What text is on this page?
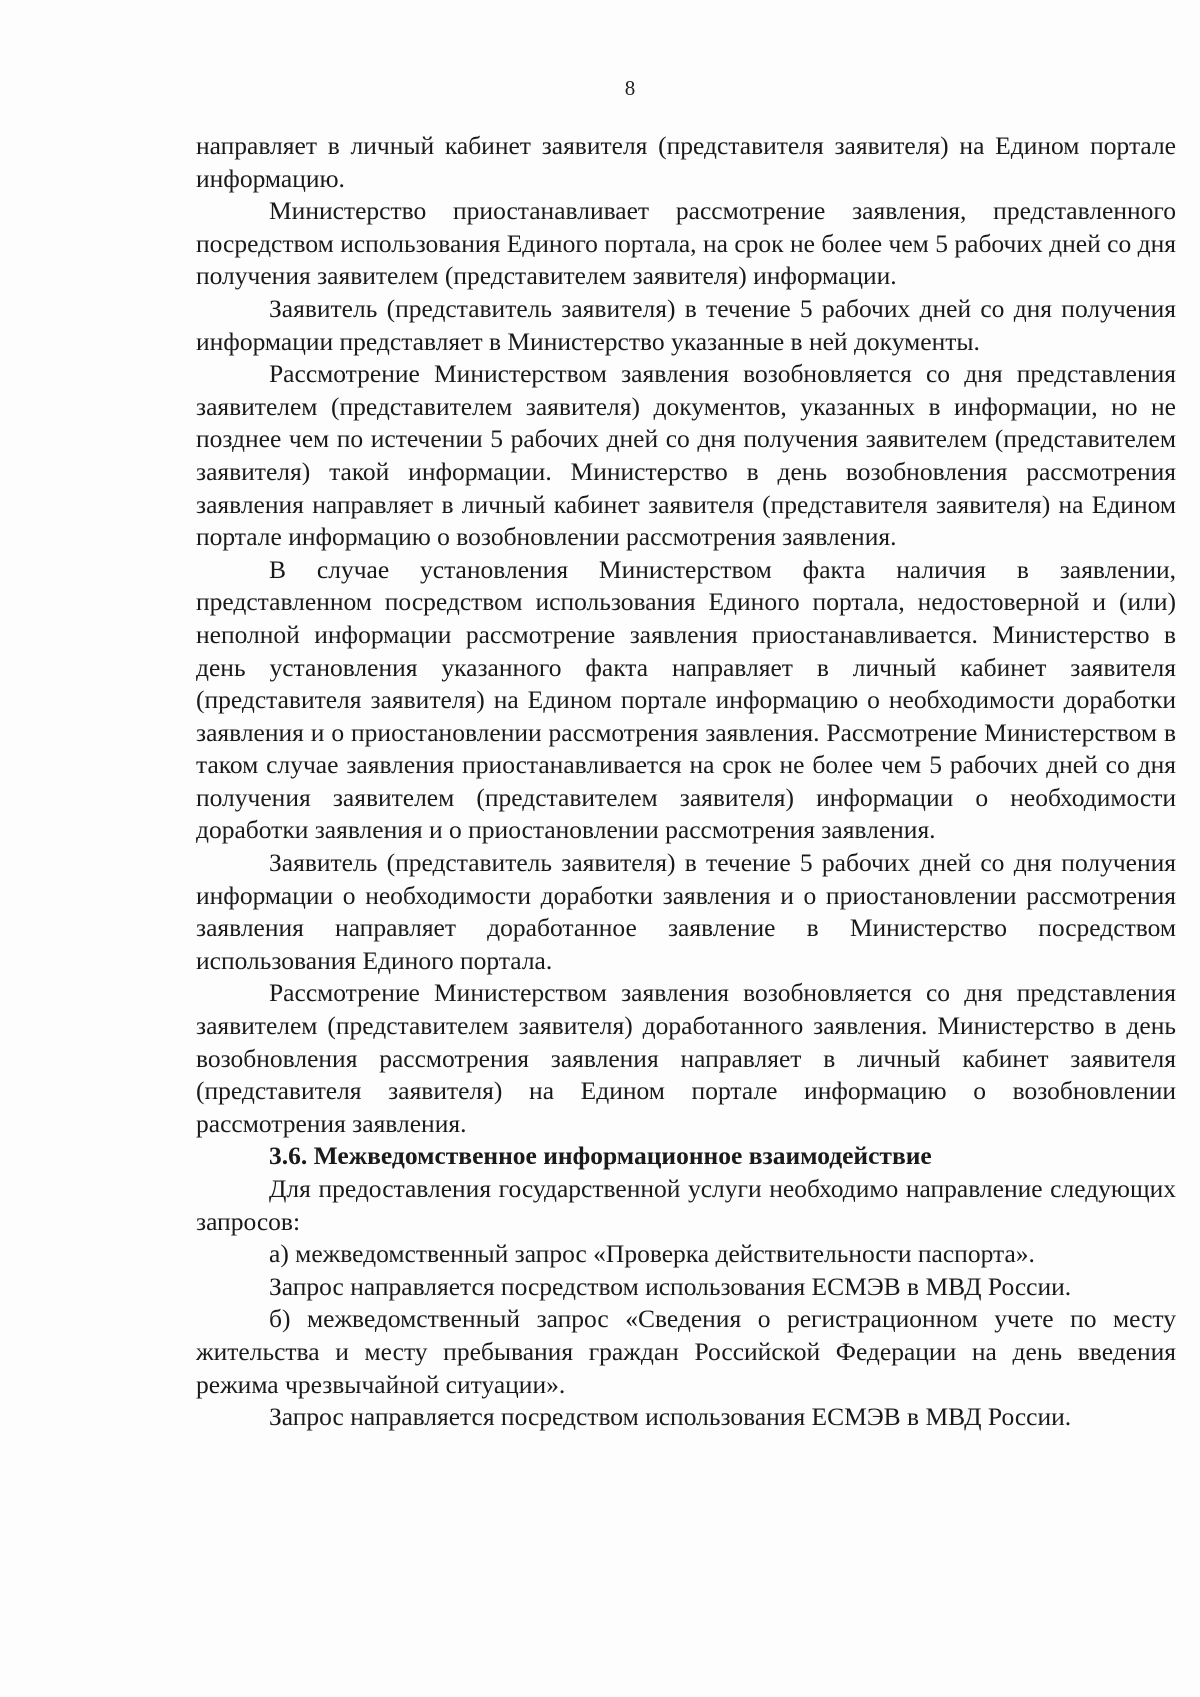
8

направляет в личный кабинет заявителя (представителя заявителя) на Едином портале информацию.

Министерство приостанавливает рассмотрение заявления, представленного посредством использования Единого портала, на срок не более чем 5 рабочих дней со дня получения заявителем (представителем заявителя) информации.

Заявитель (представитель заявителя) в течение 5 рабочих дней со дня получения информации представляет в Министерство указанные в ней документы.

Рассмотрение Министерством заявления возобновляется со дня представления заявителем (представителем заявителя) документов, указанных в информации, но не позднее чем по истечении 5 рабочих дней со дня получения заявителем (представителем заявителя) такой информации. Министерство в день возобновления рассмотрения заявления направляет в личный кабинет заявителя (представителя заявителя) на Едином портале информацию о возобновлении рассмотрения заявления.

В случае установления Министерством факта наличия в заявлении, представленном посредством использования Единого портала, недостоверной и (или) неполной информации рассмотрение заявления приостанавливается. Министерство в день установления указанного факта направляет в личный кабинет заявителя (представителя заявителя) на Едином портале информацию о необходимости доработки заявления и о приостановлении рассмотрения заявления. Рассмотрение Министерством в таком случае заявления приостанавливается на срок не более чем 5 рабочих дней со дня получения заявителем (представителем заявителя) информации о необходимости доработки заявления и о приостановлении рассмотрения заявления.

Заявитель (представитель заявителя) в течение 5 рабочих дней со дня получения информации о необходимости доработки заявления и о приостановлении рассмотрения заявления направляет доработанное заявление в Министерство посредством использования Единого портала.

Рассмотрение Министерством заявления возобновляется со дня представления заявителем (представителем заявителя) доработанного заявления. Министерство в день возобновления рассмотрения заявления направляет в личный кабинет заявителя (представителя заявителя) на Едином портале информацию о возобновлении рассмотрения заявления.

3.6. Межведомственное информационное взаимодействие

Для предоставления государственной услуги необходимо направление следующих запросов:

а) межведомственный запрос «Проверка действительности паспорта».

Запрос направляется посредством использования ЕСМЭВ в МВД России.

б) межведомственный запрос «Сведения о регистрационном учете по месту жительства и месту пребывания граждан Российской Федерации на день введения режима чрезвычайной ситуации».

Запрос направляется посредством использования ЕСМЭВ в МВД России.
